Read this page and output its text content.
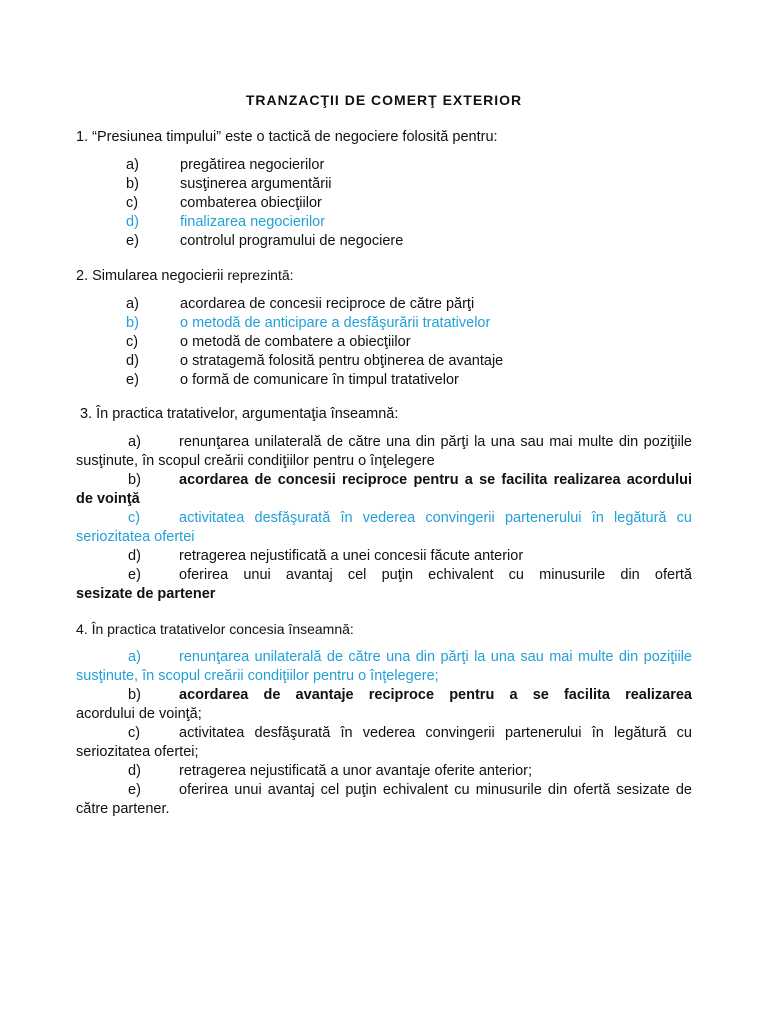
TRANZACŢII DE COMERŢ EXTERIOR
1. “Presiunea timpului” este o tactică de negociere folosită pentru:
a)	pregătirea negocierilor
b)	susţinerea argumentării
c)	combaterea obiecţiilor
d)	finalizarea negocierilor
e)	controlul programului de negociere
2. Simularea negocierii reprezintă:
a)	acordarea de concesii reciproce de către părţi
b)	o metodă de anticipare a desfăşurării tratativelor
c)	o metodă de combatere a obiecţiilor
d)	o stratagemă folosită pentru obţinerea de avantaje
e)	o formă de comunicare în timpul tratativelor
3. În practica tratativelor, argumentaţia înseamnă:
a)	renunţarea unilaterală de către una din părţi la una sau mai multe din poziţiile susţinute, în scopul creării condiţiilor pentru o înţelegere
b)	acordarea de concesii reciproce pentru a se facilita realizarea acordului de voinţă
c)	activitatea desfăşurată în vederea convingerii partenerului în legătură cu seriozitatea ofertei
d)	retragerea nejustificată a unei concesii făcute anterior
e)	oferirea unui avantaj cel puţin echivalent cu minusurile din ofertă
sesizate de partener
4. În practica tratativelor concesia înseamnă:
a)	renunţarea unilaterală de către una din părţi la una sau mai multe din poziţiile susţinute, în scopul creării condiţiilor pentru o înţelegere;
b)	acordarea de avantaje reciproce pentru a se facilita realizarea
acordului de voinţă;
c)	activitatea desfăşurată în vederea convingerii partenerului în legătură cu seriozitatea ofertei;
d)	retragerea nejustificată a unor avantaje oferite anterior;
e)	oferirea unui avantaj cel puţin echivalent cu minusurile din ofertă sesizate de către partener.
